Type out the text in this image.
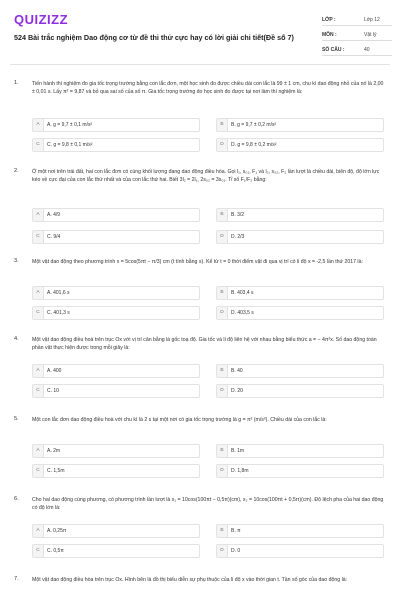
QUIZIZZ
524 Bài trắc nghiệm Dao động cơ từ đề thi thử cực hay có lời giải chi tiết(Đề số 7)
LỚP :	Lớp 12
MÔN :	Vật lý
SỐ CÂU :	40
1.	Tiến hành thí nghiệm đo gia tốc trọng trường bằng con lắc đơn, một học sinh đo được chiều dài con lắc là 99 ± 1 cm, chu kì dao động nhỏ của nó là 2,00 ± 0,01 s. Lấy π² = 9,87 và bỏ qua sai số của số π. Gia tốc trọng trường do học sinh đo được tại nơi làm thí nghiệm là:
A	A. g = 9,7 ± 0,1 m/s²	B	B. g = 9,7 ± 0,2 m/s²
C	C. g = 9,8 ± 0,1 m/s²	D	D. g = 9,8 ± 0,2 m/s²
2.	Ở một nơi trên trái đất, hai con lắc đơn có cùng khối lượng đang dao động điều hòa. Gọi l₁, s₀₁, F₁ và l₂, s₀₂, F₂ lần lượt là chiều dài, biên độ, độ lớn lực kéo về cực đại của con lắc thứ nhất và của con lắc thứ hai. Biết 3l₂ = 2l₁, 2s₀₂ = 3s₀₁. Tỉ số F₁/F₂ bằng:
A	A. 4/9	B	B. 3/2
C	C. 9/4	D	D. 2/3
3.	Một vật dao động theo phương trình x = 5cos(5πt − π/3) cm (t tính bằng s). Kể từ t = 0 thời điểm vật đi qua vị trí có li độ x = -2,5 lần thứ 2017 là:
A	A. 401,6 s	B	B. 403,4 s
C	C. 401,3 s	D	D. 403,5 s
4.	Một vật dao động điều hoà trên trục Ox với vị trí cân bằng là gốc toạ độ. Gia tốc và li độ liên hệ với nhau bằng biểu thức a = − 4π²x. Số dao động toàn phần vật thực hiện được trong mỗi giây là:
A	A. 400	B	B. 40
C	C. 10	D	D. 20
5.	Một con lắc đơn dao động điều hoà với chu kì là 2 s tại một nơi có gia tốc trọng trường là g = π² (m/s²). Chiều dài của con lắc là:
A	A. 2m	B	B. 1m
C	C. 1,5m	D	D. 1,8m
6.	Cho hai dao động cùng phương, có phương trình lần lượt là x₁ = 10cos(100πt − 0,5π)(cm), x₂ = 10cos(100πt + 0,5π)(cm). Độ lệch pha của hai dao động có độ lớn là:
A	A. 0,25π	B	B. π
C	C. 0,5π	D	D. 0
7.	Một vật dao động điều hòa trên trục Ox. Hình bên là đồ thị biểu diễn sự phụ thuộc của li độ x vào thời gian t. Tần số góc của dao động là:
